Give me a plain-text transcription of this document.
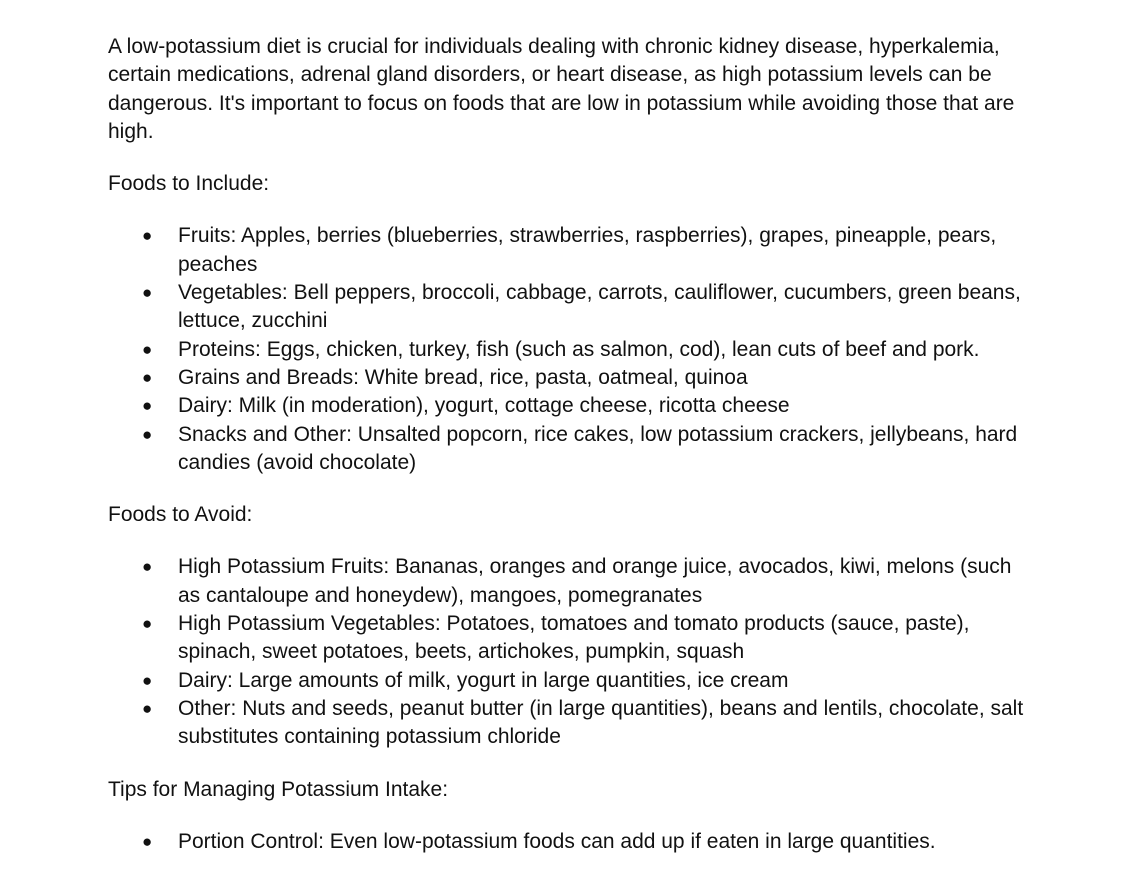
A low-potassium diet is crucial for individuals dealing with chronic kidney disease, hyperkalemia, certain medications, adrenal gland disorders, or heart disease, as high potassium levels can be dangerous. It's important to focus on foods that are low in potassium while avoiding those that are high.

Foods to Include:

● Fruits: Apples, berries (blueberries, strawberries, raspberries), grapes, pineapple, pears, peaches
● Vegetables: Bell peppers, broccoli, cabbage, carrots, cauliflower, cucumbers, green beans, lettuce, zucchini
● Proteins: Eggs, chicken, turkey, fish (such as salmon, cod), lean cuts of beef and pork.
● Grains and Breads: White bread, rice, pasta, oatmeal, quinoa
● Dairy: Milk (in moderation), yogurt, cottage cheese, ricotta cheese
● Snacks and Other: Unsalted popcorn, rice cakes, low potassium crackers, jellybeans, hard candies (avoid chocolate)

Foods to Avoid:

● High Potassium Fruits: Bananas, oranges and orange juice, avocados, kiwi, melons (such as cantaloupe and honeydew), mangoes, pomegranates
● High Potassium Vegetables: Potatoes, tomatoes and tomato products (sauce, paste), spinach, sweet potatoes, beets, artichokes, pumpkin, squash
● Dairy: Large amounts of milk, yogurt in large quantities, ice cream
● Other: Nuts and seeds, peanut butter (in large quantities), beans and lentils, chocolate, salt substitutes containing potassium chloride

Tips for Managing Potassium Intake:

● Portion Control: Even low-potassium foods can add up if eaten in large quantities.
